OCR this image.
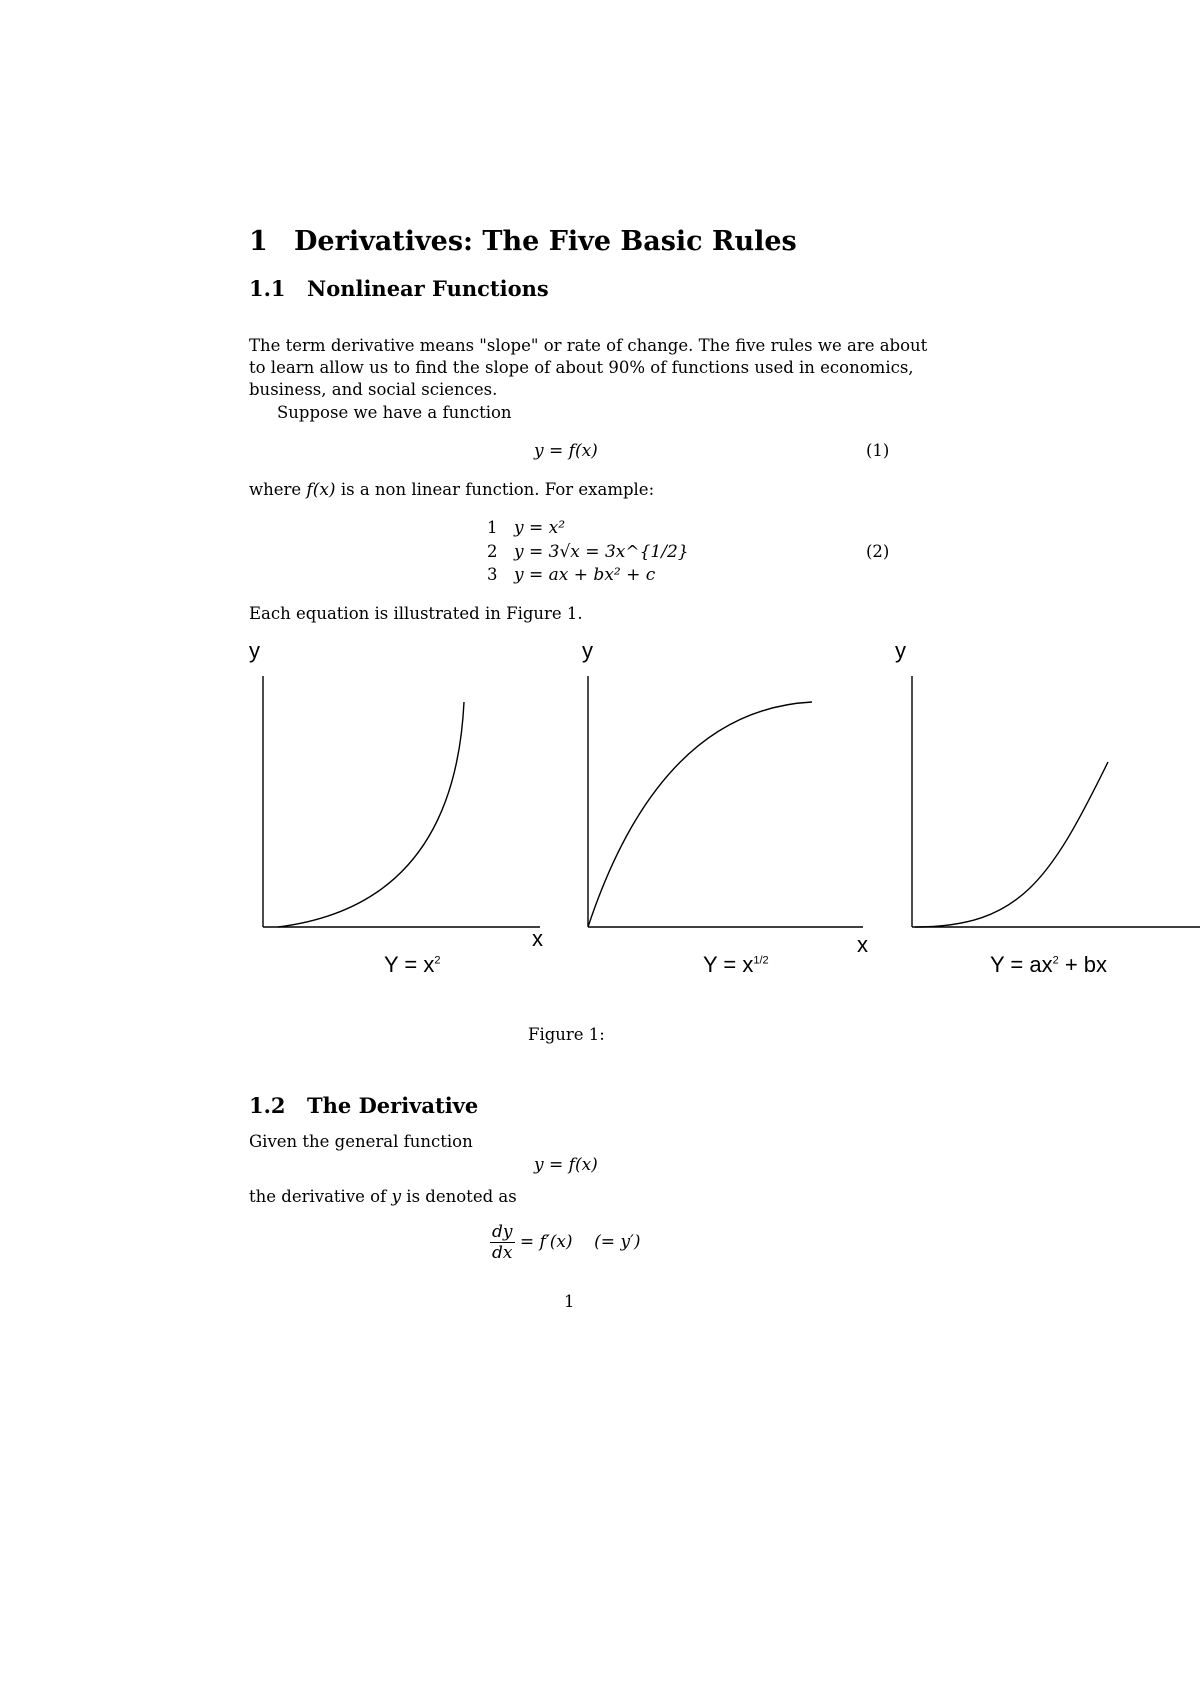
1 Derivatives: The Five Basic Rules
1.1 Nonlinear Functions
The term derivative means "slope" or rate of change. The five rules we are about
to learn allow us to find the slope of about 90% of functions used in economics,
business, and social sciences.
Suppose we have a function
y = f(x)	(1)
where f(x) is a non linear function. For example:
1 y = x²
2 y = 3√x = 3x^{1/2}
3 y = ax + bx² + c
(2)
Each equation is illustrated in Figure 1.
y	y	y
x	x
$Y = x^2$	$Y = x^{1/2}$	$Y = ax^2$ + bx
Figure 1:
1.2 The Derivative
Given the general function
y = f(x)
the derivative of y is denoted as
$\frac{dy}{dx} = f'(x)$    (= y′)
1
